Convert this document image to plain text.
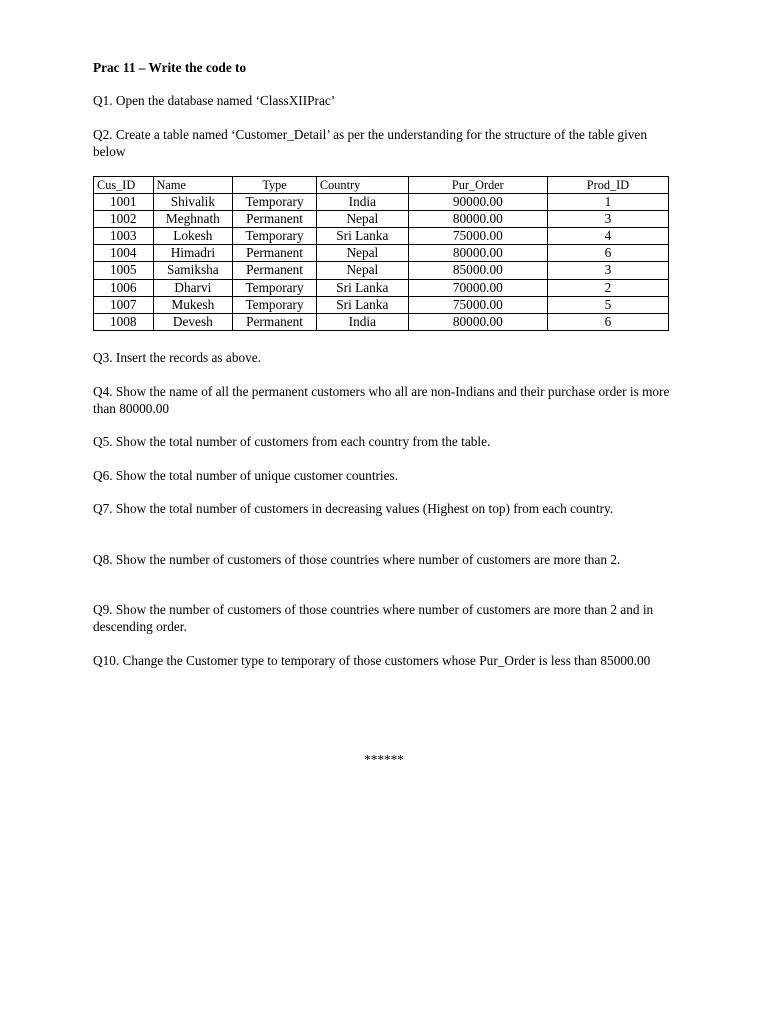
Prac 11 – Write the code to
Q1. Open the database named ‘ClassXIIPrac’
Q2. Create a table named ‘Customer_Detail’ as per the understanding for the structure of the table given below
Cus_ID	Name	Type	Country	Pur_Order	Prod_ID
1001	Shivalik	Temporary	India	90000.00	1
1002	Meghnath	Permanent	Nepal	80000.00	3
1003	Lokesh	Temporary	Sri Lanka	75000.00	4
1004	Himadri	Permanent	Nepal	80000.00	6
1005	Samiksha	Permanent	Nepal	85000.00	3
1006	Dharvi	Temporary	Sri Lanka	70000.00	2
1007	Mukesh	Temporary	Sri Lanka	75000.00	5
1008	Devesh	Permanent	India	80000.00	6
Q3. Insert the records as above.
Q4. Show the name of all the permanent customers who all are non-Indians and their purchase order is more than 80000.00
Q5. Show the total number of customers from each country from the table.
Q6. Show the total number of unique customer countries.
Q7. Show the total number of customers in decreasing values (Highest on top) from each country.
Q8. Show the number of customers of those countries where number of customers are more than 2.
Q9. Show the number of customers of those countries where number of customers are more than 2 and in descending order.
Q10. Change the Customer type to temporary of those customers whose Pur_Order is less than 85000.00
******
